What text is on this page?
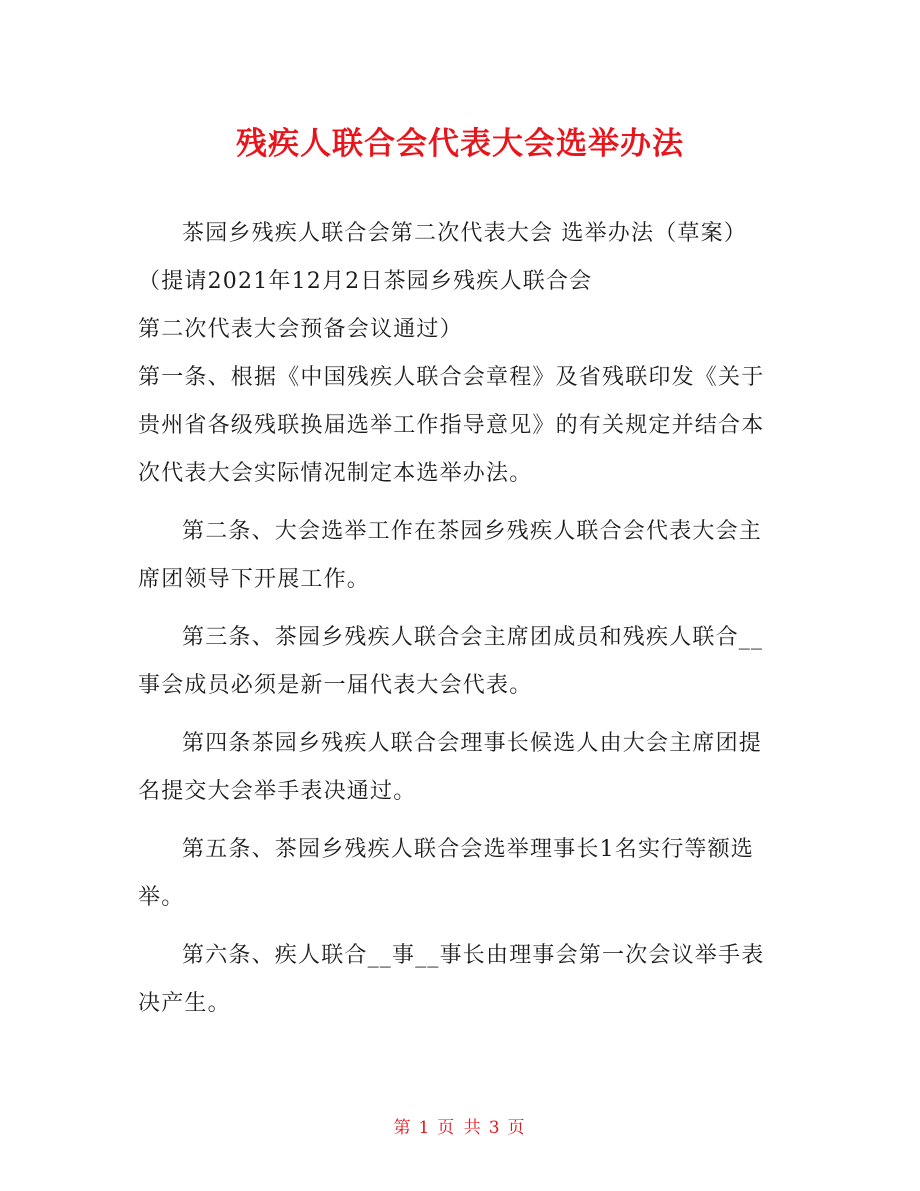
残疾人联合会代表大会选举办法

茶园乡残疾人联合会第二次代表大会 选举办法（草案）

（提请2021年12月2日茶园乡残疾人联合会

第二次代表大会预备会议通过）

第一条、根据《中国残疾人联合会章程》及省残联印发《关于贵州省各级残联换届选举工作指导意见》的有关规定并结合本次代表大会实际情况制定本选举办法。

第二条、大会选举工作在茶园乡残疾人联合会代表大会主席团领导下开展工作。

第三条、茶园乡残疾人联合会主席团成员和残疾人联合__事会成员必须是新一届代表大会代表。

第四条茶园乡残疾人联合会理事长候选人由大会主席团提名提交大会举手表决通过。

第五条、茶园乡残疾人联合会选举理事长1名实行等额选举。

第六条、疾人联合__事__事长由理事会第一次会议举手表决产生。

第 1 页 共 3 页
